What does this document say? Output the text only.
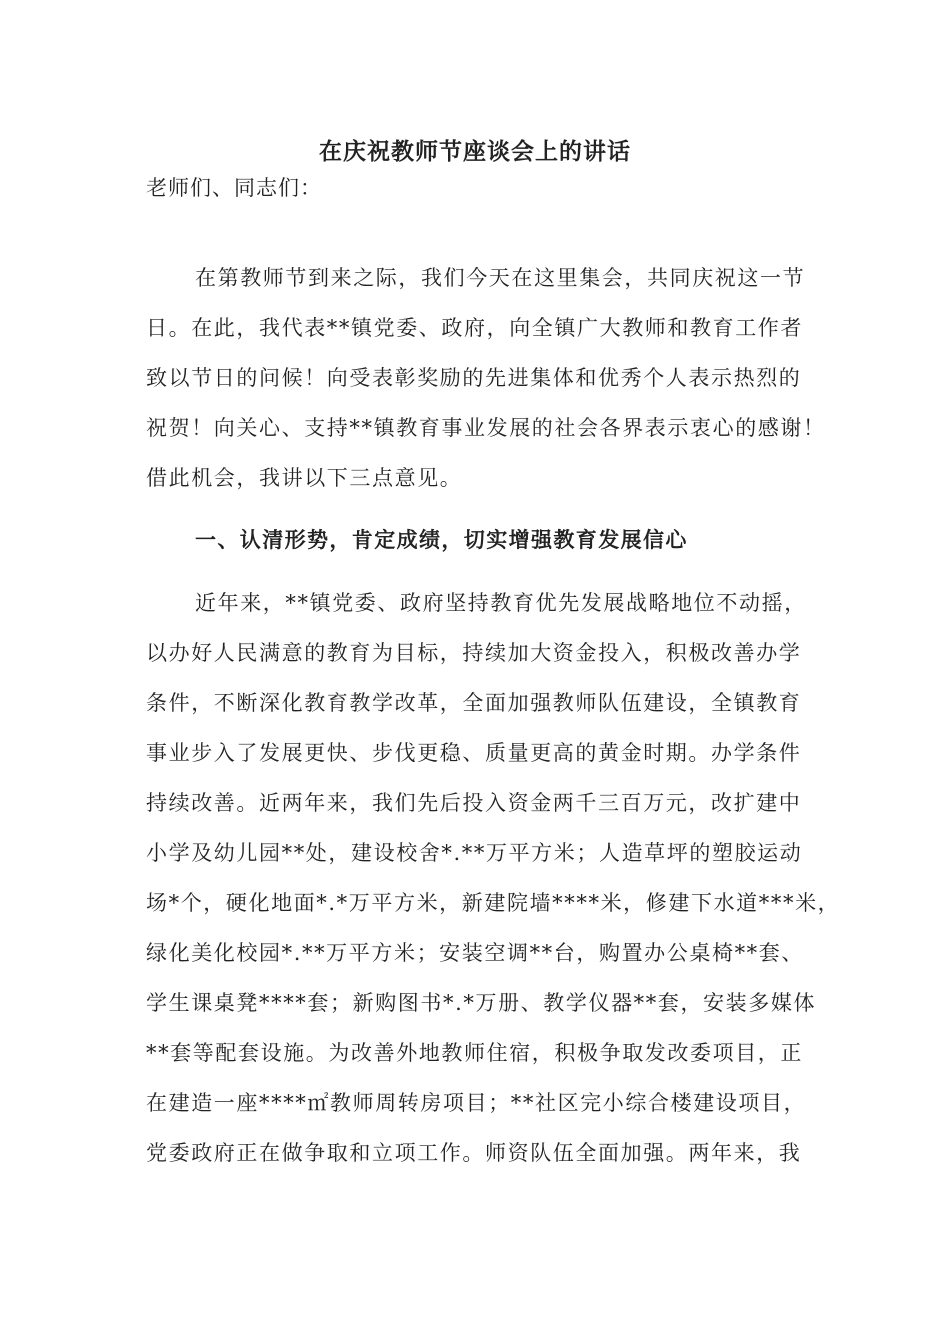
在庆祝教师节座谈会上的讲话
老师们、同志们：
在第教师节到来之际，我们今天在这里集会，共同庆祝这一节
日。在此，我代表**镇党委、政府，向全镇广大教师和教育工作者
致以节日的问候！向受表彰奖励的先进集体和优秀个人表示热烈的
祝贺！向关心、支持**镇教育事业发展的社会各界表示衷心的感谢！
借此机会，我讲以下三点意见。
一、认清形势，肯定成绩，切实增强教育发展信心
近年来，**镇党委、政府坚持教育优先发展战略地位不动摇，
以办好人民满意的教育为目标，持续加大资金投入，积极改善办学
条件，不断深化教育教学改革，全面加强教师队伍建设，全镇教育
事业步入了发展更快、步伐更稳、质量更高的黄金时期。办学条件
持续改善。近两年来，我们先后投入资金两千三百万元，改扩建中
小学及幼儿园**处，建设校舍*.**万平方米；人造草坪的塑胶运动
场*个，硬化地面*.*万平方米，新建院墙****米，修建下水道***米，
绿化美化校园*.**万平方米；安装空调**台，购置办公桌椅**套、
学生课桌凳****套；新购图书*.*万册、教学仪器**套，安装多媒体
**套等配套设施。为改善外地教师住宿，积极争取发改委项目，正
在建造一座****㎡教师周转房项目；**社区完小综合楼建设项目，
党委政府正在做争取和立项工作。师资队伍全面加强。两年来，我
